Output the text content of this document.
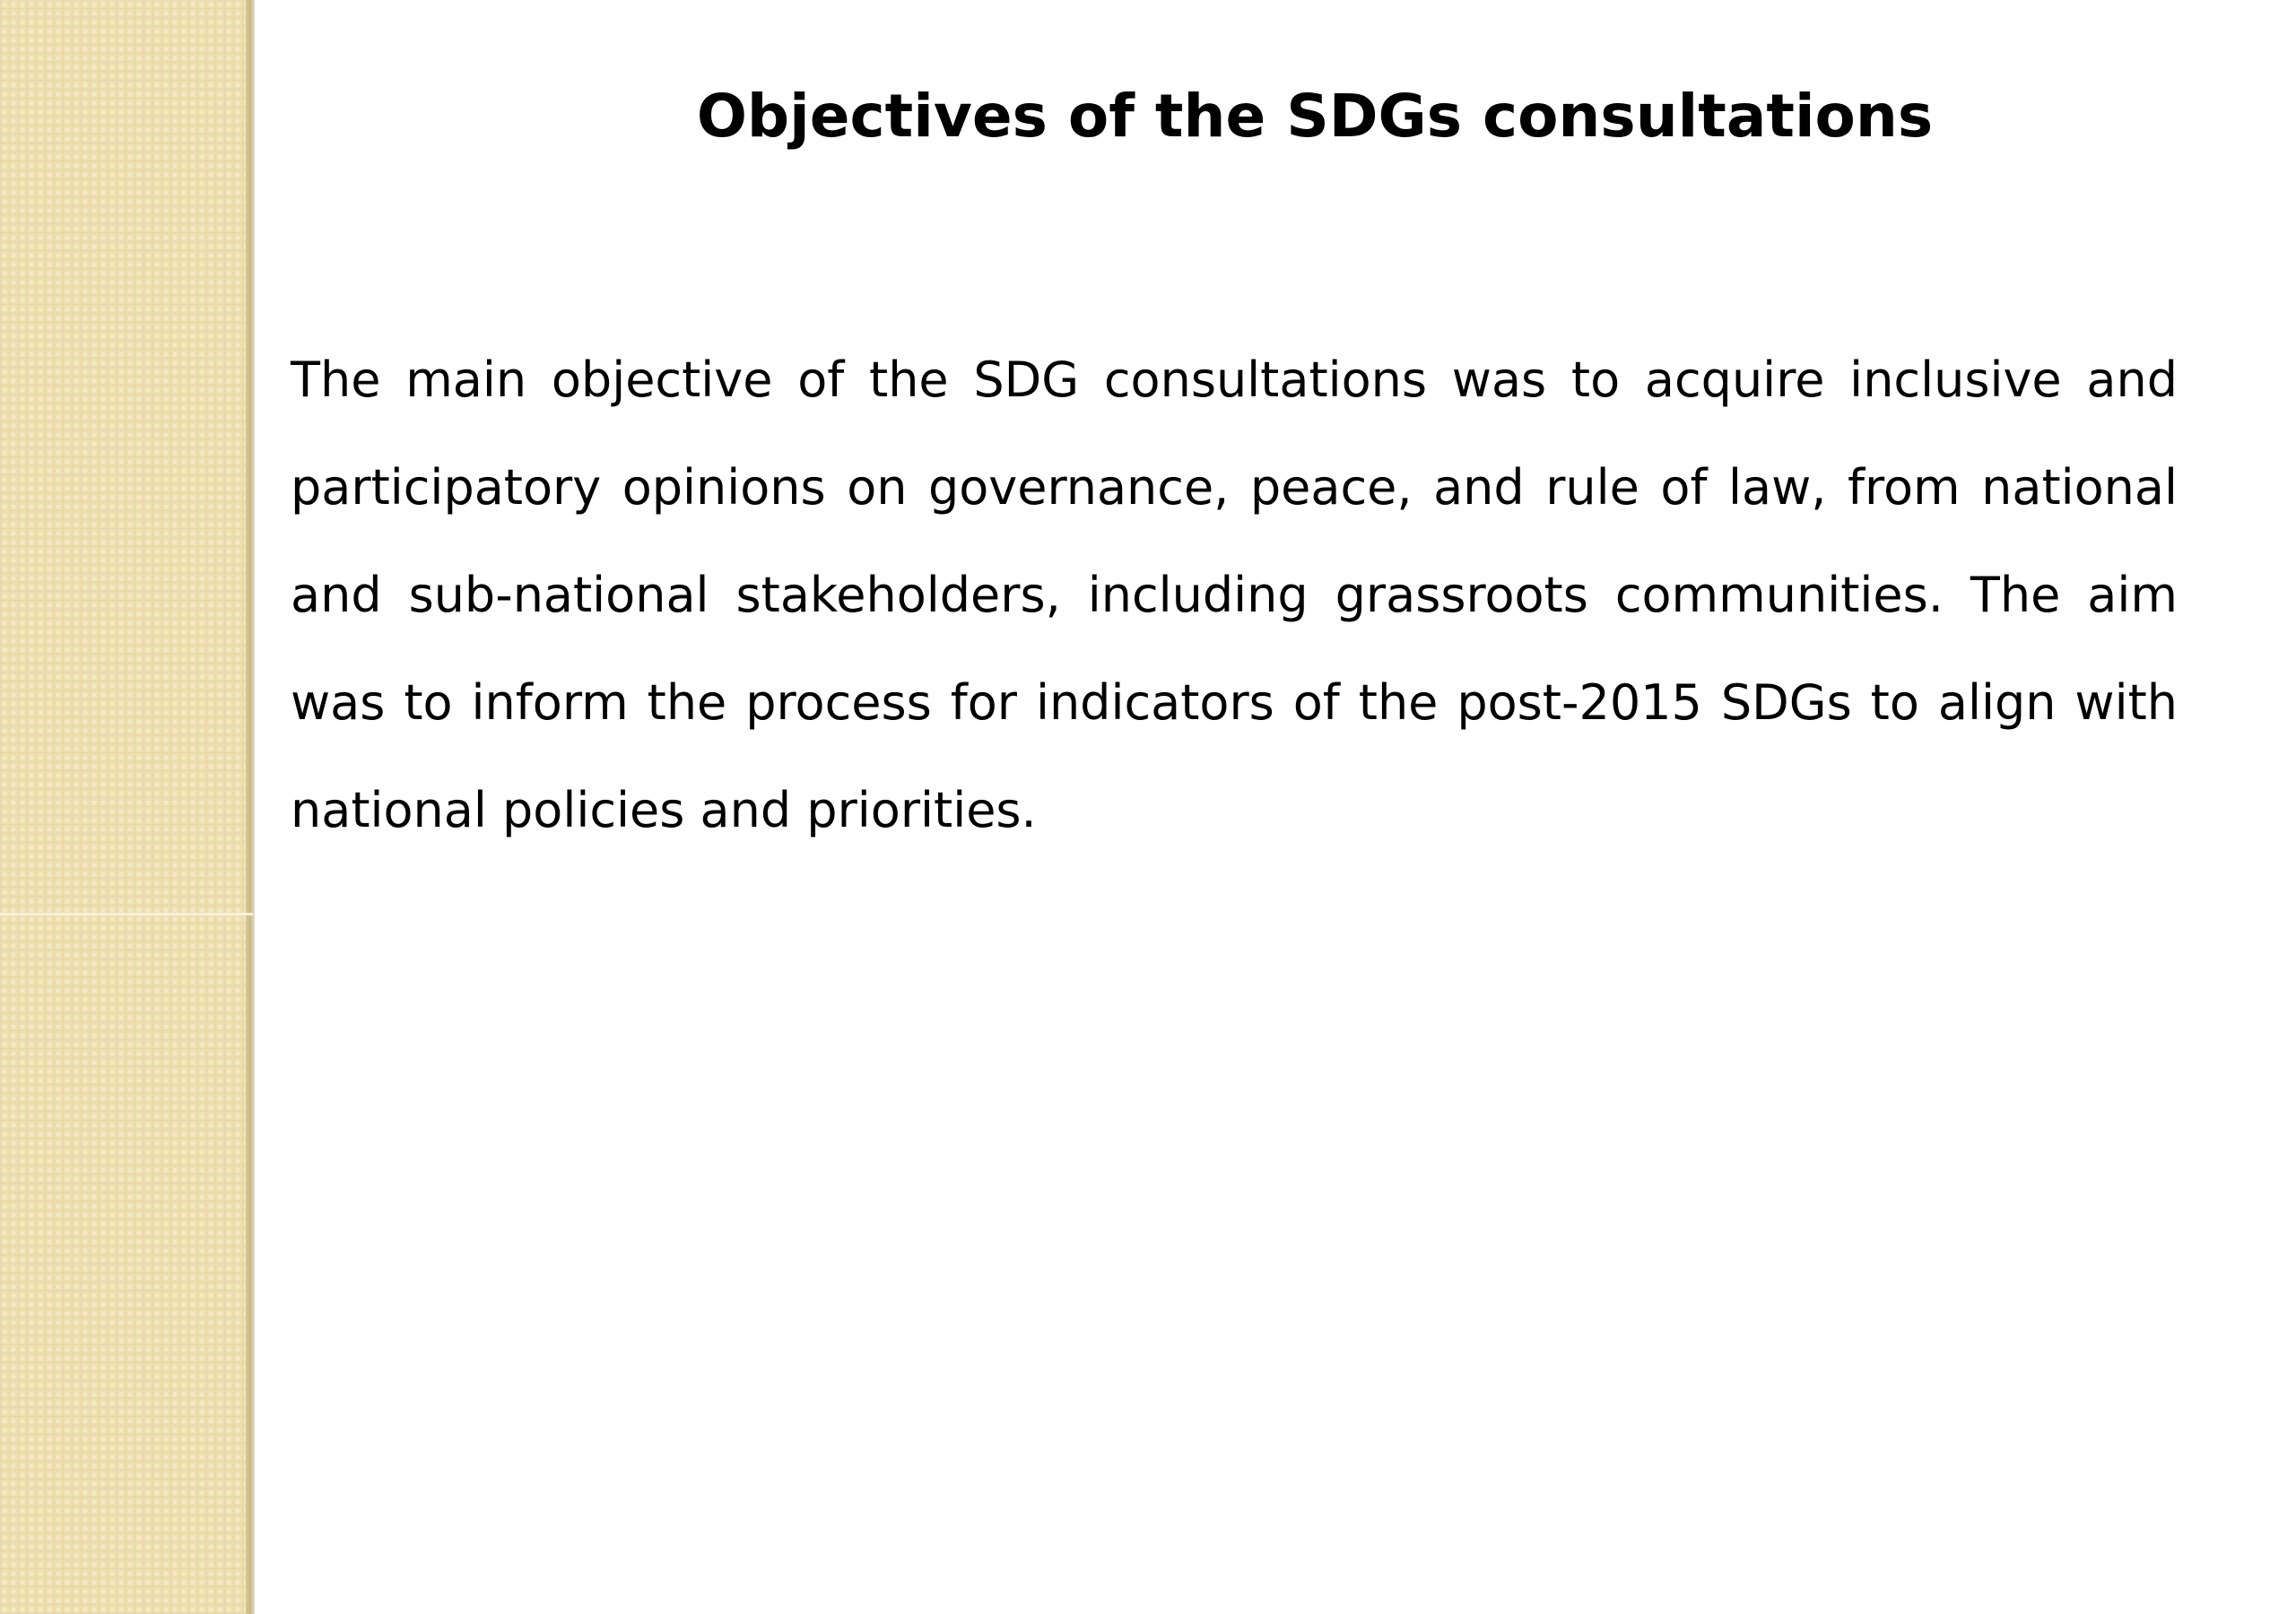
Objectives of the SDGs consultations

The main objective of the SDG consultations was to acquire inclusive and participatory opinions on governance, peace, and rule of law, from national and sub-national stakeholders, including grassroots communities. The aim was to inform the process for indicators of the post-2015 SDGs to align with national policies and priorities.
